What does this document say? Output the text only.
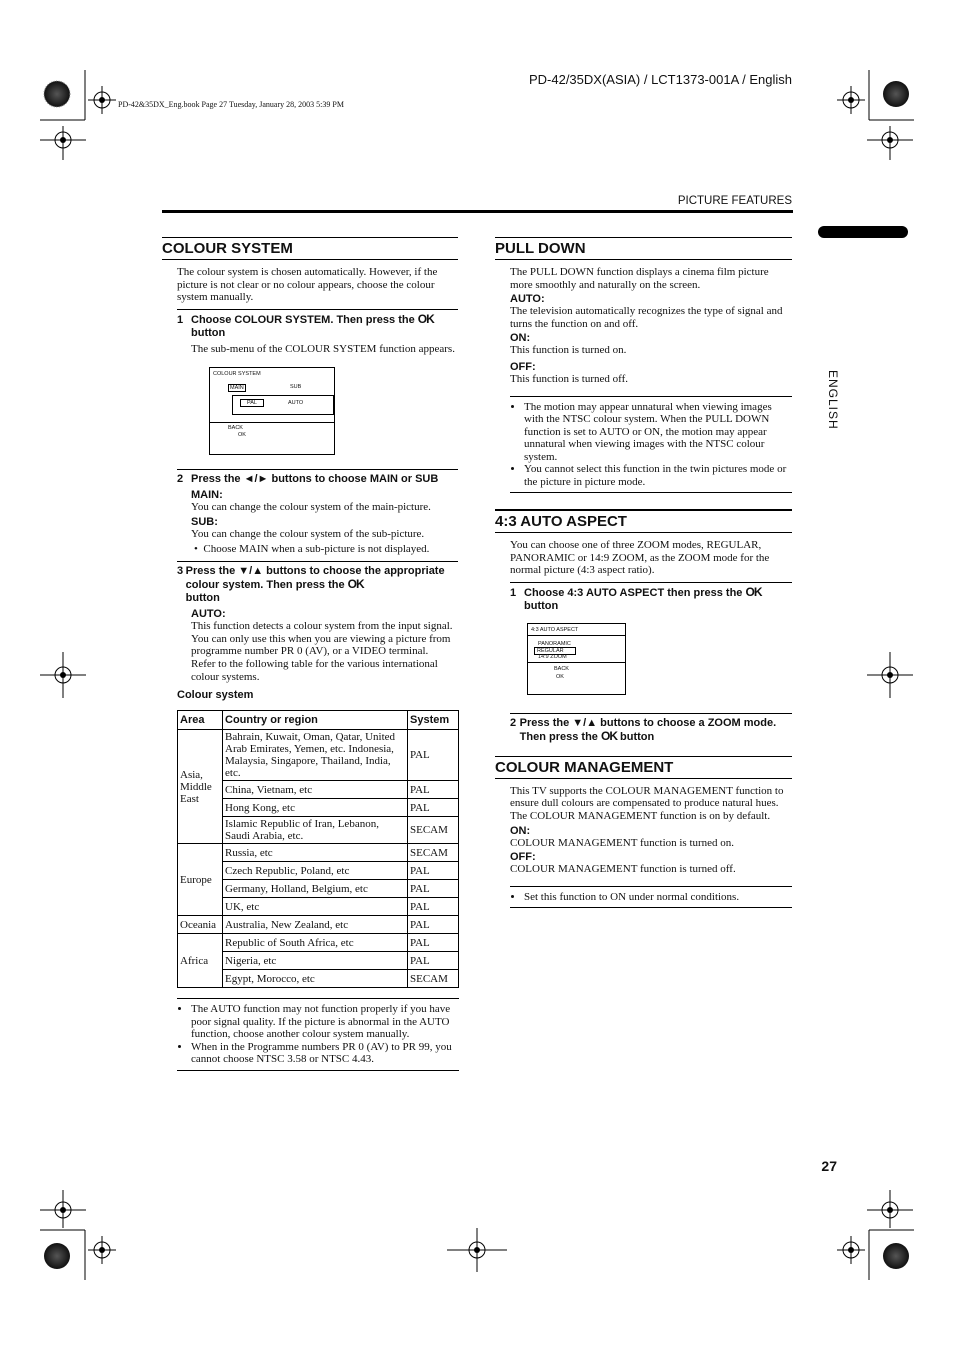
PD-42/35DX(ASIA) / LCT1373-001A / English
PD-42&35DX_Eng.book Page 27 Tuesday, January 28, 2003 5:39 PM
PICTURE FEATURES
ENGLISH
COLOUR SYSTEM

The colour system is chosen automatically. However, if the picture is not clear or no colour appears, choose the colour system manually.

1 Choose COLOUR SYSTEM. Then press the OK
button

The sub-menu of the COLOUR SYSTEM function appears.

COLOUR SYSTEM
MAIN	SUB
PAL	AUTO
BACK
OK
2 Press the ◄/► buttons to choose MAIN or SUB

MAIN:

You can change the colour system of the main-picture.

SUB:

You can change the colour system of the sub-picture.

•  Choose MAIN when a sub-picture is not displayed.

3 Press the ▼/▲ buttons to choose the appropriate colour system. Then press the OK
button

AUTO:

This function detects a colour system from the input signal. You can only use this when you are viewing a picture from programme number PR 0 (AV), or a VIDEO terminal.

Refer to the following table for the various international colour systems.

Colour system

Area	Country or region	System
Asia, Middle East	Bahrain, Kuwait, Oman, Qatar, United Arab Emirates, Yemen, etc. Indonesia, Malaysia, Singapore, Thailand, India, etc.	PAL
	China, Vietnam, etc	PAL
	Hong Kong, etc	PAL
	Islamic Republic of Iran, Lebanon, Saudi Arabia, etc.	SECAM
Europe	Russia, etc	SECAM
	Czech Republic, Poland, etc	PAL
	Germany, Holland, Belgium, etc	PAL
	UK, etc	PAL
Oceania	Australia, New Zealand, etc	PAL
Africa	Republic of South Africa, etc	PAL
	Nigeria, etc	PAL
	Egypt, Morocco, etc	SECAM
• The AUTO function may not function properly if you have poor signal quality. If the picture is abnormal in the AUTO function, choose another colour system manually.
• When in the Programme numbers PR 0 (AV) to PR 99, you cannot choose NTSC 3.58 or NTSC 4.43.
PULL DOWN

The PULL DOWN function displays a cinema film picture more smoothly and naturally on the screen.

AUTO:

The television automatically recognizes the type of signal and turns the function on and off.

ON:

This function is turned on.

OFF:

This function is turned off.

• The motion may appear unnatural when viewing images with the NTSC colour system. When the PULL DOWN function is set to AUTO or ON, the motion may appear unnatural when viewing images with the NTSC colour system.
• You cannot select this function in the twin pictures mode or the picture in picture mode.
4:3 AUTO ASPECT

You can choose one of three ZOOM modes, REGULAR, PANORAMIC or 14:9 ZOOM, as the ZOOM mode for the normal picture (4:3 aspect ratio).

1 Choose 4:3 AUTO ASPECT then press the OK
button
4:3 AUTO ASPECT
PANORAMIC
REGULAR
14:9 ZOOM
BACK
OK
2 Press the ▼/▲ buttons to choose a ZOOM mode. Then press the OK button
COLOUR MANAGEMENT

This TV supports the COLOUR MANAGEMENT function to ensure dull colours are compensated to produce natural hues.

The COLOUR MANAGEMENT function is on by default.

ON:

COLOUR MANAGEMENT function is turned on.

OFF:

COLOUR MANAGEMENT function is turned off.

• Set this function to ON under normal conditions.
27
